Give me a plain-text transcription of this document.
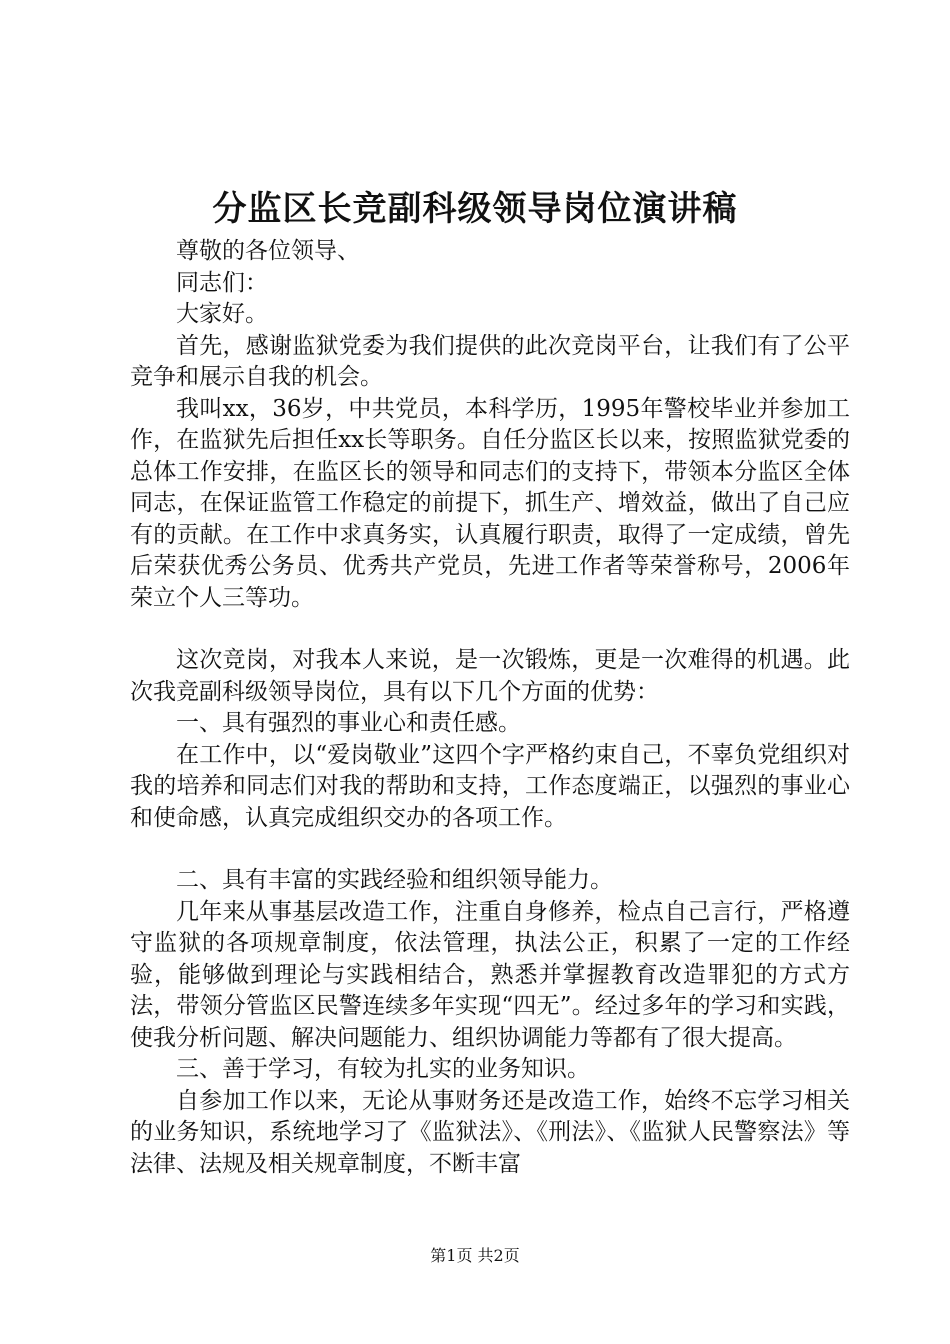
分监区长竞副科级领导岗位演讲稿

尊敬的各位领导、

同志们：

大家好。

首先，感谢监狱党委为我们提供的此次竞岗平台，让我们有了公平竞争和展示自我的机会。

我叫xx，36岁，中共党员，本科学历，1995年警校毕业并参加工作，在监狱先后担任xx长等职务。自任分监区长以来，按照监狱党委的总体工作安排，在监区长的领导和同志们的支持下，带领本分监区全体同志，在保证监管工作稳定的前提下，抓生产、增效益，做出了自己应有的贡献。在工作中求真务实，认真履行职责，取得了一定成绩，曾先后荣获优秀公务员、优秀共产党员，先进工作者等荣誉称号，2006年荣立个人三等功。

这次竞岗，对我本人来说，是一次锻炼，更是一次难得的机遇。此次我竞副科级领导岗位，具有以下几个方面的优势：

一、具有强烈的事业心和责任感。

在工作中，以“爱岗敬业”这四个字严格约束自己，不辜负党组织对我的培养和同志们对我的帮助和支持，工作态度端正，以强烈的事业心和使命感，认真完成组织交办的各项工作。

二、具有丰富的实践经验和组织领导能力。

几年来从事基层改造工作，注重自身修养，检点自己言行，严格遵守监狱的各项规章制度，依法管理，执法公正，积累了一定的工作经验，能够做到理论与实践相结合，熟悉并掌握教育改造罪犯的方式方法，带领分管监区民警连续多年实现“四无”。经过多年的学习和实践，使我分析问题、解决问题能力、组织协调能力等都有了很大提高。

三、善于学习，有较为扎实的业务知识。

自参加工作以来，无论从事财务还是改造工作，始终不忘学习相关的业务知识，系统地学习了《监狱法》、《刑法》、《监狱人民警察法》等法律、法规及相关规章制度，不断丰富

第1页 共2页
